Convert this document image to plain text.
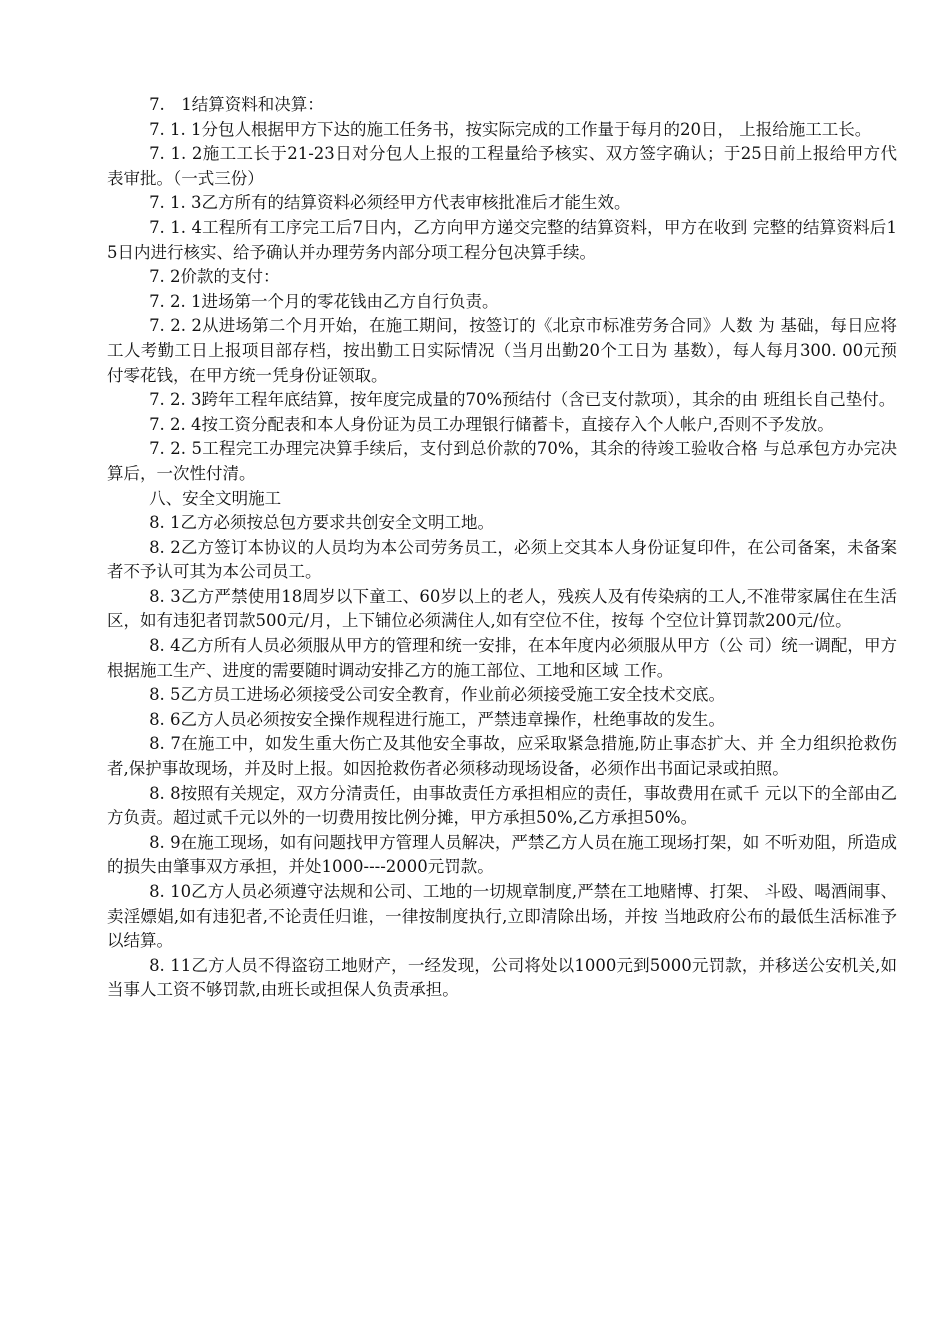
7.　1结算资料和决算：

7. 1. 1分包人根据甲方下达的施工任务书，按实际完成的工作量于每月的20日， 上报给施工工长。

7. 1. 2施工工长于21-23日对分包人上报的工程量给予核实、双方签字确认；于25日前上报给甲方代表审批。（一式三份）

7. 1. 3乙方所有的结算资料必须经甲方代表审核批准后才能生效。

7. 1. 4工程所有工序完工后7日内，乙方向甲方递交完整的结算资料，甲方在收到 完整的结算资料后15日内进行核实、给予确认并办理劳务内部分项工程分包决算手续。

7. 2价款的支付：

7. 2. 1进场第一个月的零花钱由乙方自行负责。

7. 2. 2从进场第二个月开始，在施工期间，按签订的《北京市标准劳务合同》人数 为 基础，每日应将工人考勤工日上报项目部存档，按出勤工日实际情况（当月出勤20个工日为 基数），每人每月300. 00元预付零花钱，在甲方统一凭身份证领取。

7. 2. 3跨年工程年底结算，按年度完成量的70%预结付（含已支付款项），其余的由 班组长自己垫付。

7. 2. 4按工资分配表和本人身份证为员工办理银行储蓄卡，直接存入个人帐户,否则不予发放。

7. 2. 5工程完工办理完决算手续后，支付到总价款的70%，其余的待竣工验收合格 与总承包方办完决算后，一次性付清。

八、安全文明施工

8. 1乙方必须按总包方要求共创安全文明工地。

8. 2乙方签订本协议的人员均为本公司劳务员工，必须上交其本人身份证复印件，在公司备案，未备案者不予认可其为本公司员工。

8. 3乙方严禁使用18周岁以下童工、60岁以上的老人，残疾人及有传染病的工人,不准带家属住在生活区，如有违犯者罚款500元/月，上下铺位必须满住人,如有空位不住，按每 个空位计算罚款200元/位。

8. 4乙方所有人员必须服从甲方的管理和统一安排，在本年度内必须服从甲方（公 司）统一调配，甲方根据施工生产、进度的需要随时调动安排乙方的施工部位、工地和区域 工作。

8. 5乙方员工进场必须接受公司安全教育，作业前必须接受施工安全技术交底。

8. 6乙方人员必须按安全操作规程进行施工，严禁违章操作，杜绝事故的发生。

8. 7在施工中，如发生重大伤亡及其他安全事故，应采取紧急措施,防止事态扩大、并 全力组织抢救伤者,保护事故现场，并及时上报。如因抢救伤者必须移动现场设备，必须作出书面记录或拍照。

8. 8按照有关规定，双方分清责任，由事故责任方承担相应的责任，事故费用在贰千 元以下的全部由乙方负责。超过贰千元以外的一切费用按比例分摊，甲方承担50%,乙方承担50%。

8. 9在施工现场，如有问题找甲方管理人员解决，严禁乙方人员在施工现场打架，如 不听劝阻，所造成的损失由肇事双方承担，并处1000----2000元罚款。

8. 10乙方人员必须遵守法规和公司、工地的一切规章制度,严禁在工地赌博、打架、 斗殴、喝酒闹事、卖淫嫖娼,如有违犯者,不论责任归谁，一律按制度执行,立即清除出场，并按 当地政府公布的最低生活标准予以结算。

8. 11乙方人员不得盗窃工地财产，一经发现，公司将处以1000元到5000元罚款，并移送公安机关,如当事人工资不够罚款,由班长或担保人负责承担。
